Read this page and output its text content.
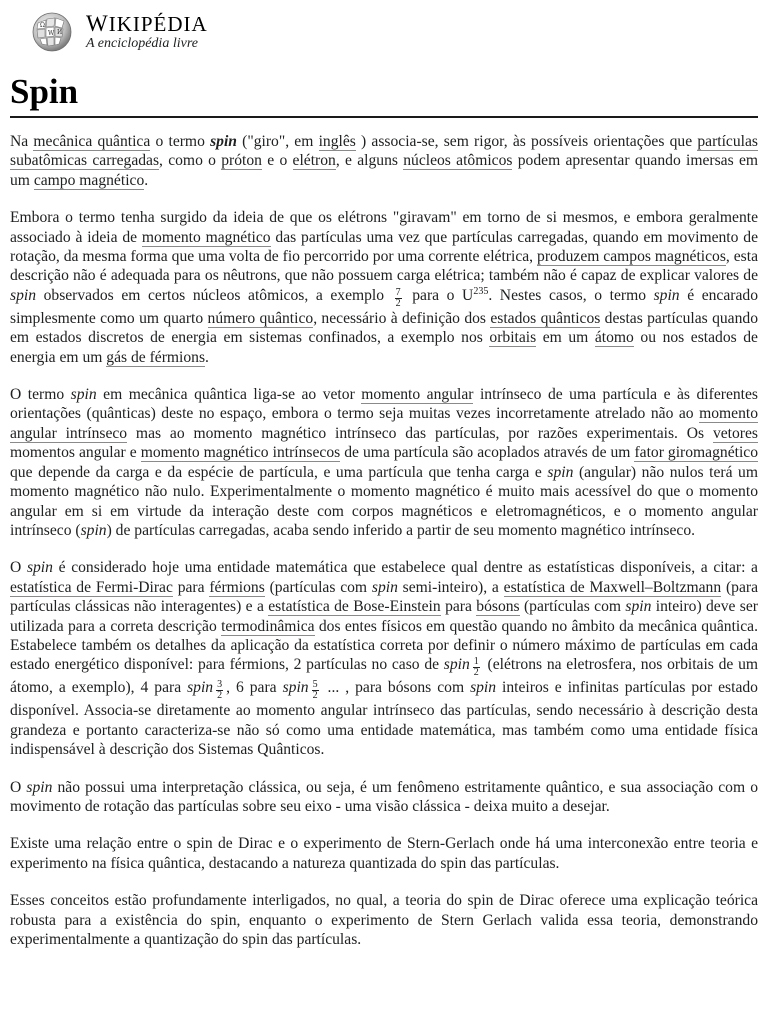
Ω
W И WIKIPÉDIA
A enciclopédia livre
Spin

Na mecânica quântica o termo spin ("giro", em inglês ) associa-se, sem rigor, às possíveis orientações que partículas subatômicas carregadas, como o próton e o elétron, e alguns núcleos atômicos podem apresentar quando imersas em um campo magnético.

Embora o termo tenha surgido da ideia de que os elétrons "giravam" em torno de si mesmos, e embora geralmente associado à ideia de momento magnético das partículas uma vez que partículas carregadas, quando em movimento de rotação, da mesma forma que uma volta de fio percorrido por uma corrente elétrica, produzem campos magnéticos, esta descrição não é adequada para os nêutrons, que não possuem carga elétrica; também não é capaz de explicar valores de spin observados em certos núcleos atômicos, a exemplo $\frac{7}{2}$ para o $U^{235}$. Nestes casos, o termo spin é encarado simplesmente como um quarto número quântico, necessário à definição dos estados quânticos destas partículas quando em estados discretos de energia em sistemas confinados, a exemplo nos orbitais em um átomo ou nos estados de energia em um gás de férmions.

O termo spin em mecânica quântica liga-se ao vetor momento angular intrínseco de uma partícula e às diferentes orientações (quânticas) deste no espaço, embora o termo seja muitas vezes incorretamente atrelado não ao momento angular intrínseco mas ao momento magnético intrínseco das partículas, por razões experimentais. Os vetores momentos angular e momento magnético intrínsecos de uma partícula são acoplados através de um fator giromagnético que depende da carga e da espécie de partícula, e uma partícula que tenha carga e spin (angular) não nulos terá um momento magnético não nulo. Experimentalmente o momento magnético é muito mais acessível do que o momento angular em si em virtude da interação deste com corpos magnéticos e eletromagnéticos, e o momento angular intrínseco (spin) de partículas carregadas, acaba sendo inferido a partir de seu momento magnético intrínseco.

O spin é considerado hoje uma entidade matemática que estabelece qual dentre as estatísticas disponíveis, a citar: a estatística de Fermi-Dirac para férmions (partículas com spin semi-inteiro), a estatística de Maxwell–Boltzmann (para partículas clássicas não interagentes) e a estatística de Bose-Einstein para bósons (partículas com spin inteiro) deve ser utilizada para a correta descrição termodinâmica dos entes físicos em questão quando no âmbito da mecânica quântica. Estabelece também os detalhes da aplicação da estatística correta por definir o número máximo de partículas em cada estado energético disponível: para férmions, 2 partículas no caso de spin $\frac{1}{2}$ (elétrons na eletrosfera, nos orbitais de um átomo, a exemplo), 4 para spin $\frac{3}{2}$ , 6 para spin $\frac{5}{2}$ ... , para bósons com spin inteiros e infinitas partículas por estado disponível. Associa-se diretamente ao momento angular intrínseco das partículas, sendo necessário à descrição desta grandeza e portanto caracteriza-se não só como uma entidade matemática, mas também como uma entidade física indispensável à descrição dos Sistemas Quânticos.

O spin não possui uma interpretação clássica, ou seja, é um fenômeno estritamente quântico, e sua associação com o movimento de rotação das partículas sobre seu eixo - uma visão clássica - deixa muito a desejar.

Existe uma relação entre o spin de Dirac e o experimento de Stern-Gerlach onde há uma interconexão entre teoria e experimento na física quântica, destacando a natureza quantizada do spin das partículas.

Esses conceitos estão profundamente interligados, no qual, a teoria do spin de Dirac oferece uma explicação teórica robusta para a existência do spin, enquanto o experimento de Stern Gerlach valida essa teoria, demonstrando experimentalmente a quantização do spin das partículas.
